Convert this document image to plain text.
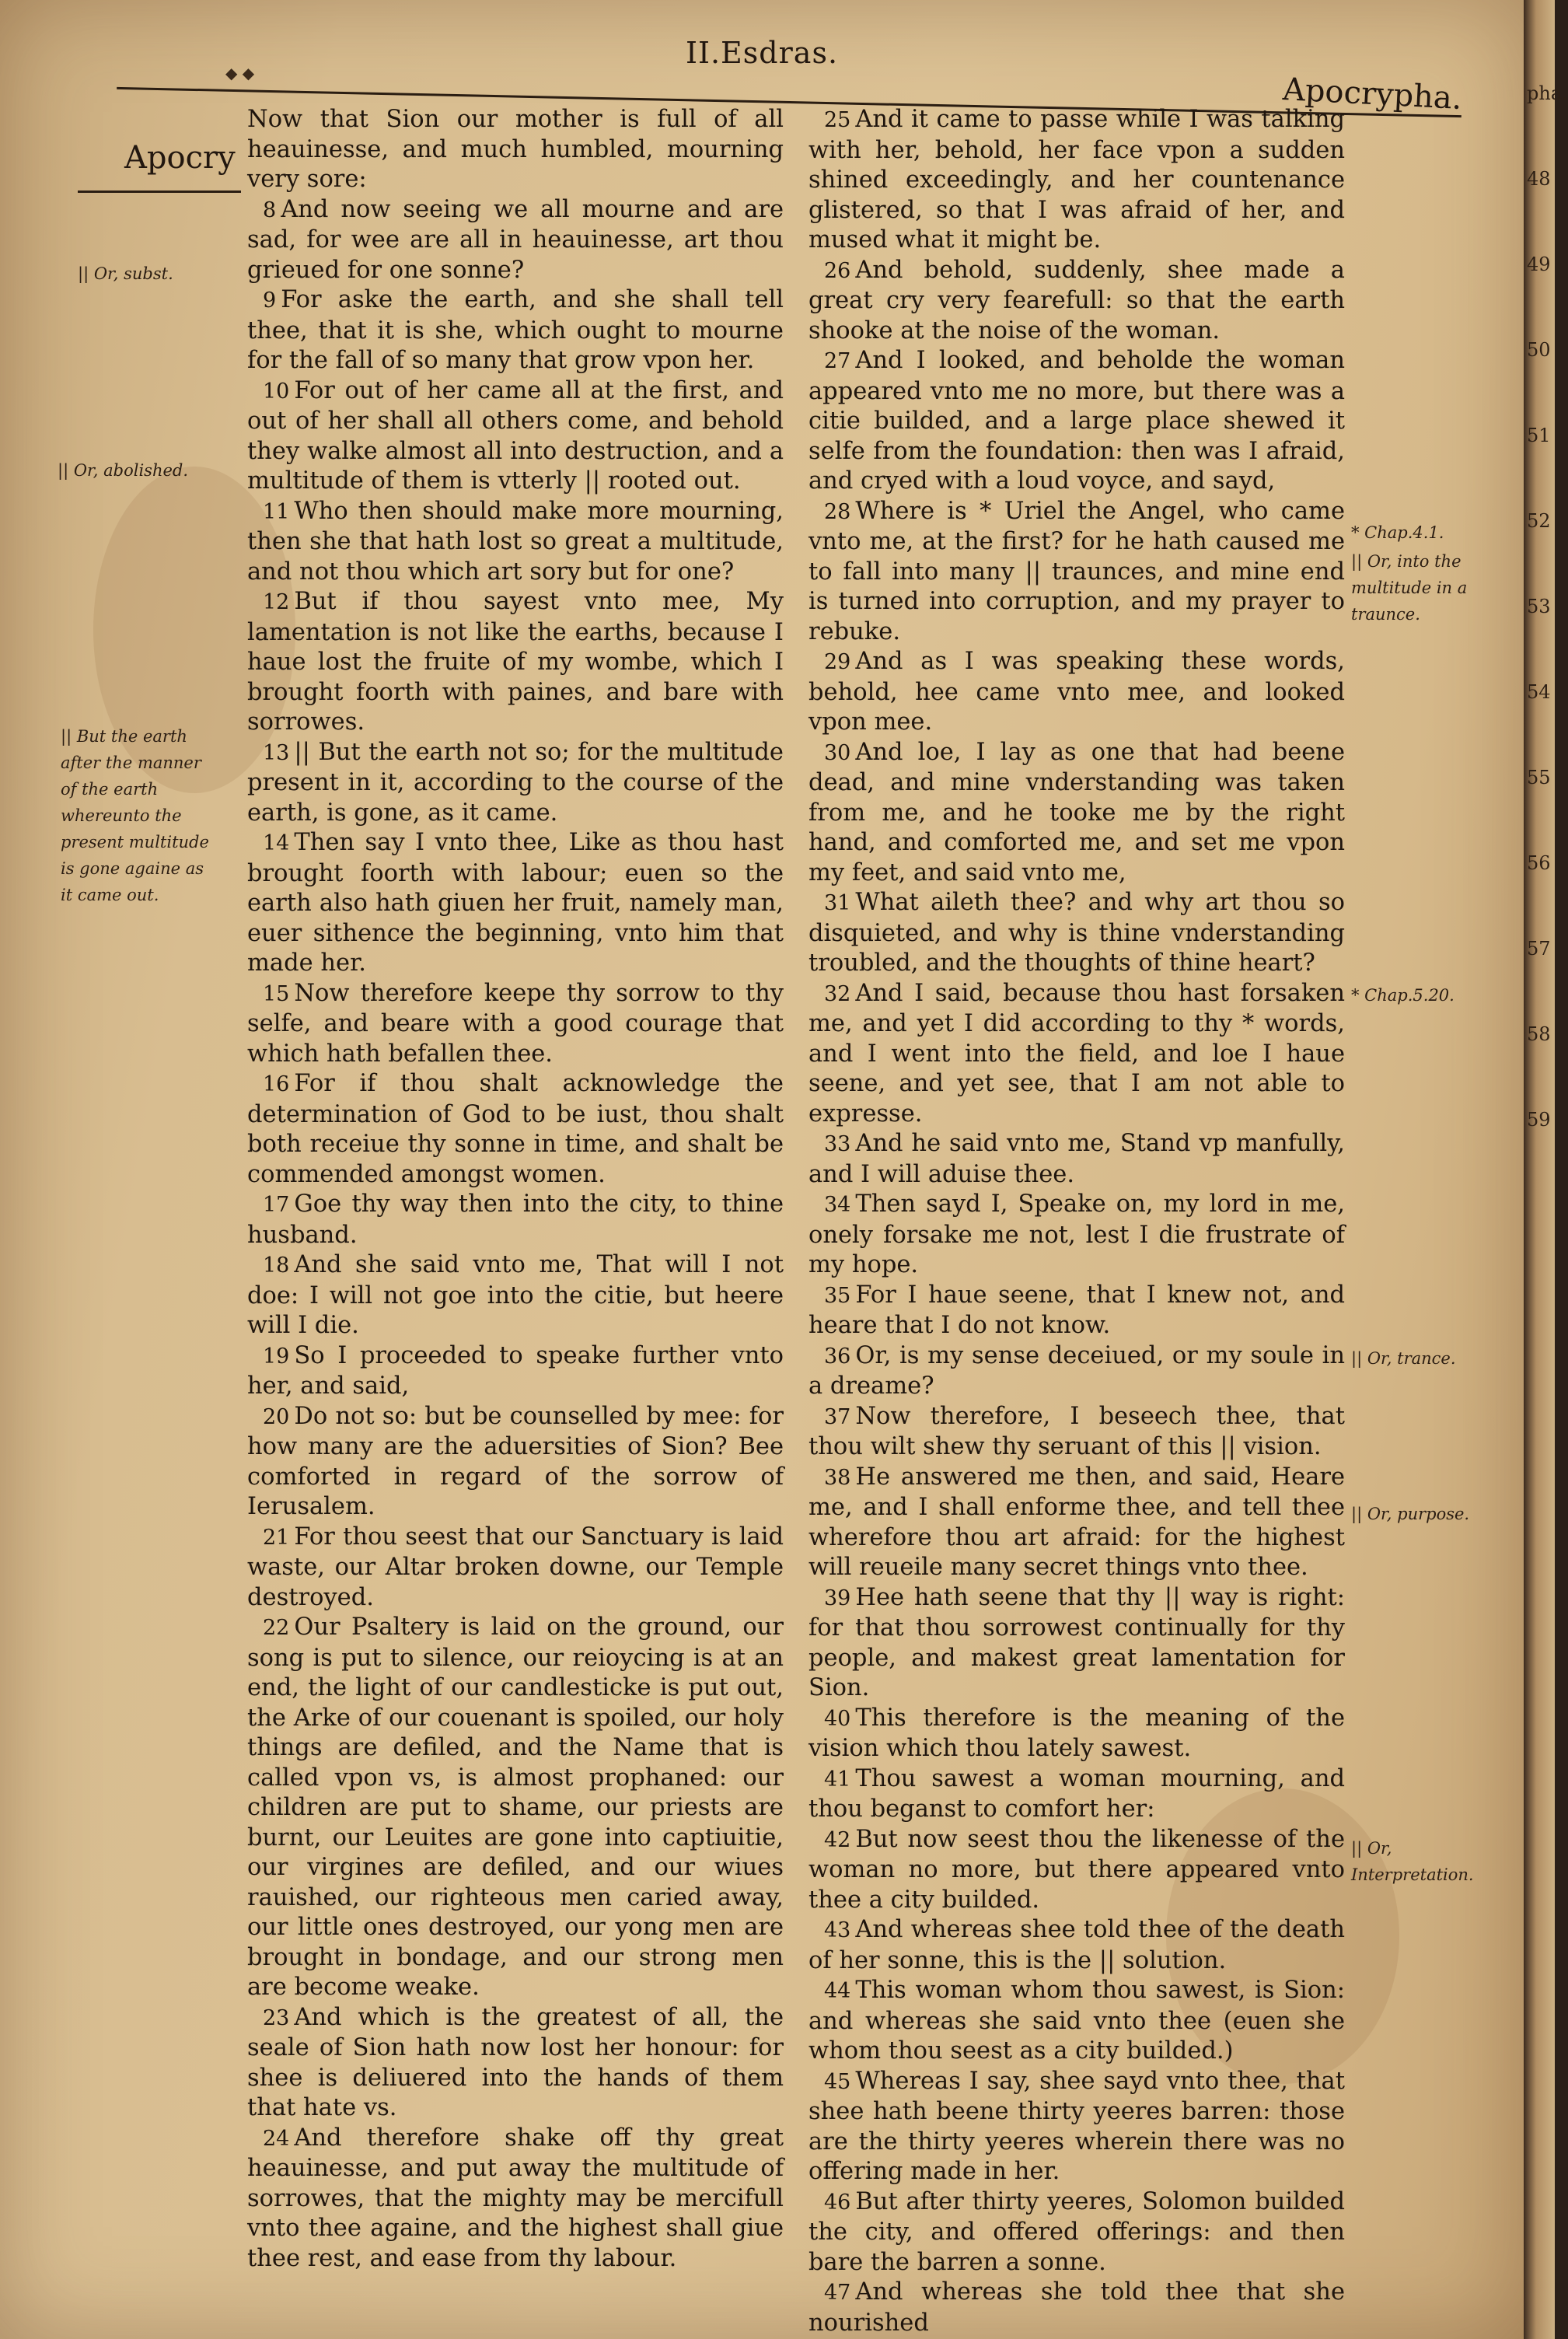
◆ ◆
II.Esdras.
Apocrypha.
Apocry

Now that Sion our mother is full of all heauinesse, and much humbled, mourning very sore:

8 And now seeing we all mourne and are sad, for wee are all in heauinesse, art thou grieued for one sonne?

9 For aske the earth, and she shall tell thee, that it is she, which ought to mourne for the fall of so many that grow vpon her.

10 For out of her came all at the first, and out of her shall all others come, and behold they walke almost all into destruction, and a multitude of them is vtterly || rooted out.

11 Who then should make more mourning, then she that hath lost so great a multitude, and not thou which art sory but for one?

12 But if thou sayest vnto mee, My lamentation is not like the earths, because I haue lost the fruite of my wombe, which I brought foorth with paines, and bare with sorrowes.

13 || But the earth not so; for the multitude present in it, according to the course of the earth, is gone, as it came.

14 Then say I vnto thee, Like as thou hast brought foorth with labour; euen so the earth also hath giuen her fruit, namely man, euer sithence the beginning, vnto him that made her.

15 Now therefore keepe thy sorrow to thy selfe, and beare with a good courage that which hath befallen thee.

16 For if thou shalt acknowledge the determination of God to be iust, thou shalt both receiue thy sonne in time, and shalt be commended amongst women.

17 Goe thy way then into the city, to thine husband.

18 And she said vnto me, That will I not doe: I will not goe into the citie, but heere will I die.

19 So I proceeded to speake further vnto her, and said,

20 Do not so: but be counselled by mee: for how many are the aduersities of Sion? Bee comforted in regard of the sorrow of Ierusalem.

21 For thou seest that our Sanctuary is laid waste, our Altar broken downe, our Temple destroyed.

22 Our Psaltery is laid on the ground, our song is put to silence, our reioycing is at an end, the light of our candlesticke is put out, the Arke of our couenant is spoiled, our holy things are defiled, and the Name that is called vpon vs, is almost prophaned: our children are put to shame, our priests are burnt, our Leuites are gone into captiuitie, our virgines are defiled, and our wiues rauished, our righteous men caried away, our little ones destroyed, our yong men are brought in bondage, and our strong men are become weake.

23 And which is the greatest of all, the seale of Sion hath now lost her honour: for shee is deliuered into the hands of them that hate vs.

24 And therefore shake off thy great heauinesse, and put away the multitude of sorrowes, that the mighty may be mercifull vnto thee againe, and the highest shall giue thee rest, and ease from thy labour.

25 And it came to passe while I was talking with her, behold, her face vpon a sudden shined exceedingly, and her countenance glistered, so that I was afraid of her, and mused what it might be.

26 And behold, suddenly, shee made a great cry very fearefull: so that the earth shooke at the noise of the woman.

27 And I looked, and beholde the woman appeared vnto me no more, but there was a citie builded, and a large place shewed it selfe from the foundation: then was I afraid, and cryed with a loud voyce, and sayd,

28 Where is * Uriel the Angel, who came vnto me, at the first? for he hath caused me to fall into many || traunces, and mine end is turned into corruption, and my prayer to rebuke.

29 And as I was speaking these words, behold, hee came vnto mee, and looked vpon mee.

30 And loe, I lay as one that had beene dead, and mine vnderstanding was taken from me, and he tooke me by the right hand, and comforted me, and set me vpon my feet, and said vnto me,

31 What aileth thee? and why art thou so disquieted, and why is thine vnderstanding troubled, and the thoughts of thine heart?

32 And I said, because thou hast forsaken me, and yet I did according to thy * words, and I went into the field, and loe I haue seene, and yet see, that I am not able to expresse.

33 And he said vnto me, Stand vp manfully, and I will aduise thee.

34 Then sayd I, Speake on, my lord in me, onely forsake me not, lest I die frustrate of my hope.

35 For I haue seene, that I knew not, and heare that I do not know.

36 Or, is my sense deceiued, or my soule in a dreame?

37 Now therefore, I beseech thee, that thou wilt shew thy seruant of this || vision.

38 He answered me then, and said, Heare me, and I shall enforme thee, and tell thee wherefore thou art afraid: for the highest will reueile many secret things vnto thee.

39 Hee hath seene that thy || way is right: for that thou sorrowest continually for thy people, and makest great lamentation for Sion.

40 This therefore is the meaning of the vision which thou lately sawest.

41 Thou sawest a woman mourning, and thou beganst to comfort her:

42 But now seest thou the likenesse of the woman no more, but there appeared vnto thee a city builded.

43 And whereas shee told thee of the death of her sonne, this is the || solution.

44 This woman whom thou sawest, is Sion: and whereas she said vnto thee (euen she whom thou seest as a city builded.)

45 Whereas I say, shee sayd vnto thee, that shee hath beene thirty yeeres barren: those are the thirty yeeres wherein there was no offering made in her.

46 But after thirty yeeres, Solomon builded the city, and offered offerings: and then bare the barren a sonne.

47 And whereas she told thee that she nourished

|| Or, subst.
|| Or, abolished.
|| But the earth after the manner of the earth whereunto the present multitude is gone againe as it came out.
* Chap.4.1.
|| Or, into the multitude in a traunce.
* Chap.5.20.
|| Or, trance.
|| Or, purpose.
|| Or, Interpretation.
pha.
48
49
50
51
52
53
54
55
56
57
58
59
